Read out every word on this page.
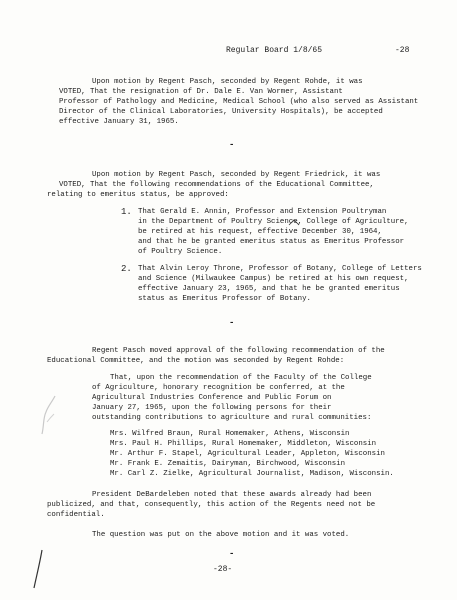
Regular Board 1/8/65	-28
Upon motion by Regent Pasch, seconded by Regent Rohde, it was
VOTED, That the resignation of Dr. Dale E. Van Wormer, Assistant
Professor of Pathology and Medicine, Medical School (who also served as Assistant
Director of the Clinical Laboratories, University Hospitals), be accepted
effective January 31, 1965.
-
Upon motion by Regent Pasch, seconded by Regent Friedrick, it was
VOTED, That the following recommendations of the Educational Committee,
relating to emeritus status, be approved:
1. That Gerald E. Annin, Professor and Extension Poultryman
in the Department of Poultry Science, College of Agriculture,
be retired at his request, effective December 30, 1964,
and that he be granted emeritus status as Emeritus Professor
of Poultry Science.
2. That Alvin Leroy Throne, Professor of Botany, College of Letters
and Science (Milwaukee Campus) be retired at his own request,
effective January 23, 1965, and that he be granted emeritus
status as Emeritus Professor of Botany.
-
Regent Pasch moved approval of the following recommendation of the
Educational Committee, and the motion was seconded by Regent Rohde:
That, upon the recommendation of the Faculty of the College
of Agriculture, honorary recognition be conferred, at the
Agricultural Industries Conference and Public Forum on
January 27, 1965, upon the following persons for their
outstanding contributions to agriculture and rural communities:
Mrs. Wilfred Braun, Rural Homemaker, Athens, Wisconsin
Mrs. Paul H. Phillips, Rural Homemaker, Middleton, Wisconsin
Mr. Arthur F. Stapel, Agricultural Leader, Appleton, Wisconsin
Mr. Frank E. Zemaitis, Dairyman, Birchwood, Wisconsin
Mr. Carl Z. Zielke, Agricultural Journalist, Madison, Wisconsin.
President DeBardeleben noted that these awards already had been
publicized, and that, consequently, this action of the Regents need not be
confidential.
The question was put on the above motion and it was voted.
-
-28-
